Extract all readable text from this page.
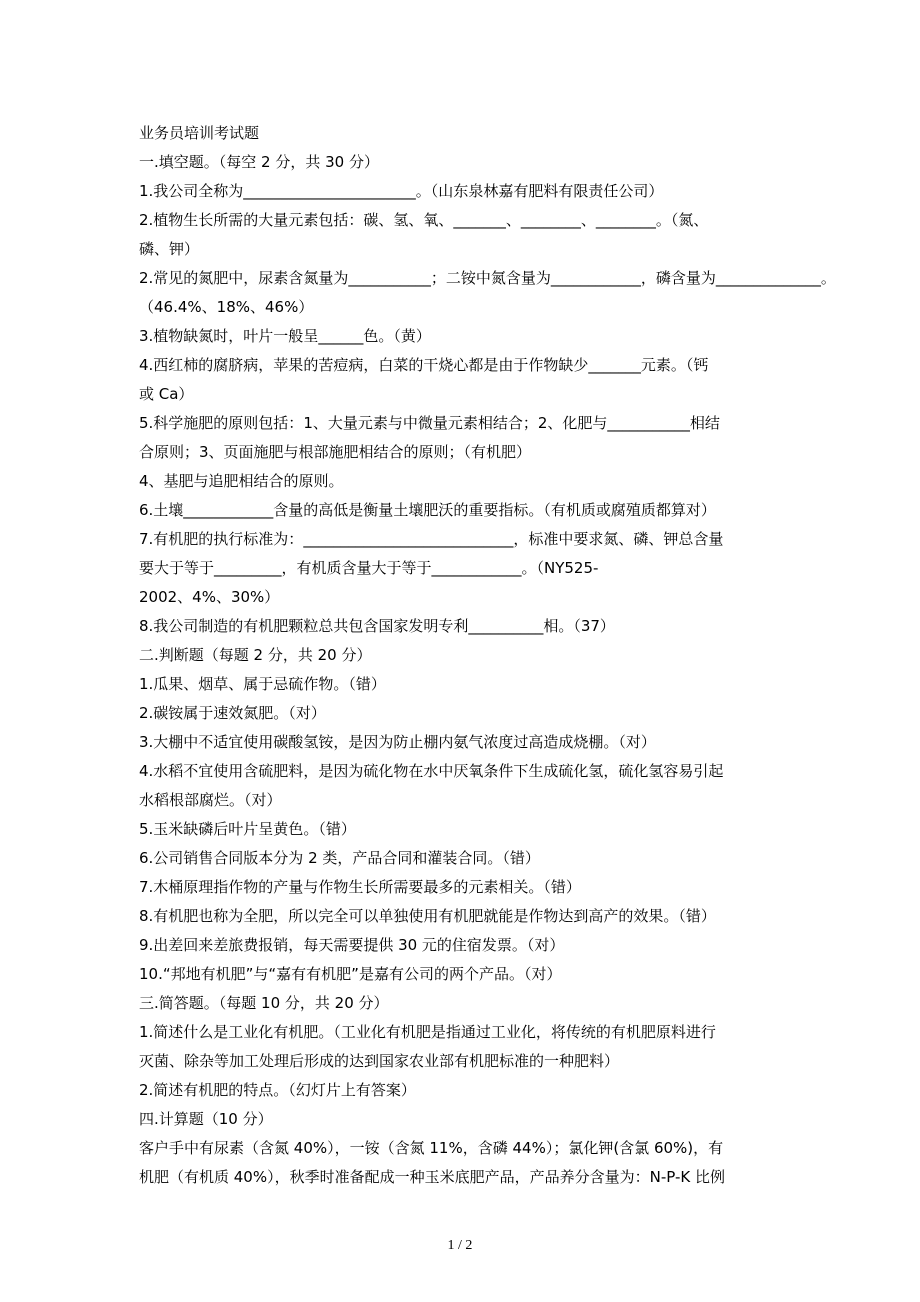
业务员培训考试题
一.填空题。（每空 2 分，共 30 分）
1.我公司全称为_______________________。（山东泉林嘉有肥料有限责任公司）
2.植物生长所需的大量元素包括：碳、氢、氧、_______、________、________。（氮、
磷、钾）
2.常见的氮肥中，尿素含氮量为___________；二铵中氮含量为____________，磷含量为______________。
（46.4%、18%、46%）
3.植物缺氮时，叶片一般呈______色。（黄）
4.西红柿的腐脐病，苹果的苦痘病，白菜的干烧心都是由于作物缺少_______元素。（钙
或 Ca）
5.科学施肥的原则包括：1、大量元素与中微量元素相结合；2、化肥与___________相结
合原则；3、页面施肥与根部施肥相结合的原则；（有机肥）
4、基肥与追肥相结合的原则。
6.土壤____________含量的高低是衡量土壤肥沃的重要指标。（有机质或腐殖质都算对）
7.有机肥的执行标准为：____________________________，标准中要求氮、磷、钾总含量
要大于等于_________，有机质含量大于等于____________。（NY525-
2002、4%、30%）
8.我公司制造的有机肥颗粒总共包含国家发明专利__________相。（37）
二.判断题（每题 2 分，共 20 分）
1.瓜果、烟草、属于忌硫作物。（错）
2.碳铵属于速效氮肥。（对）
3.大棚中不适宜使用碳酸氢铵，是因为防止棚内氨气浓度过高造成烧棚。（对）
4.水稻不宜使用含硫肥料，是因为硫化物在水中厌氧条件下生成硫化氢，硫化氢容易引起
水稻根部腐烂。（对）
5.玉米缺磷后叶片呈黄色。（错）
6.公司销售合同版本分为 2 类，产品合同和灌装合同。（错）
7.木桶原理指作物的产量与作物生长所需要最多的元素相关。（错）
8.有机肥也称为全肥，所以完全可以单独使用有机肥就能是作物达到高产的效果。（错）
9.出差回来差旅费报销，每天需要提供 30 元的住宿发票。（对）
10.“邦地有机肥”与“嘉有有机肥”是嘉有公司的两个产品。（对）
三.简答题。（每题 10 分，共 20 分）
1.简述什么是工业化有机肥。（工业化有机肥是指通过工业化，将传统的有机肥原料进行
灭菌、除杂等加工处理后形成的达到国家农业部有机肥标准的一种肥料）
2.简述有机肥的特点。（幻灯片上有答案）
四.计算题（10 分）
客户手中有尿素（含氮 40%），一铵（含氮 11%，含磷 44%）；氯化钾(含氯 60%)，有
机肥（有机质 40%），秋季时准备配成一种玉米底肥产品，产品养分含量为：N-P-K 比例
1 / 2
